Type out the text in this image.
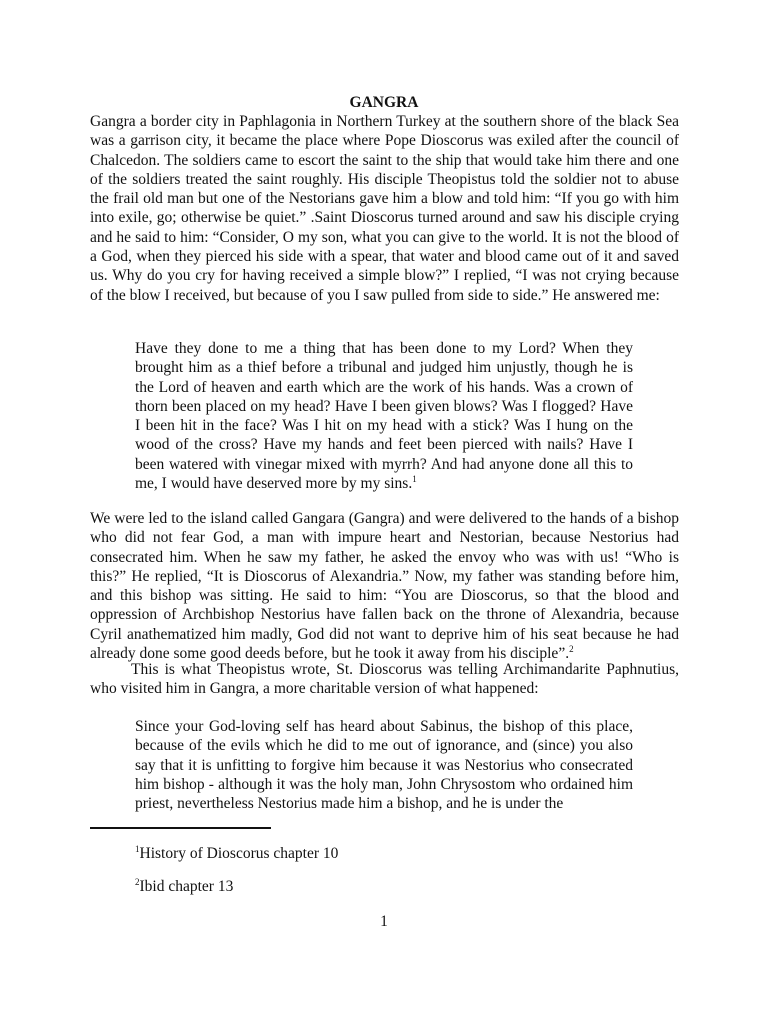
GANGRA

Gangra a border city in Paphlagonia in Northern Turkey at the southern shore of the black Sea was a garrison city, it became the place where Pope Dioscorus was exiled after the council of Chalcedon. The soldiers came to escort the saint to the ship that would take him there and one of the soldiers treated the saint roughly. His disciple Theopistus told the soldier not to abuse the frail old man but one of the Nestorians gave him a blow and told him: “If you go with him into exile, go; otherwise be quiet.” .Saint Dioscorus turned around and saw his disciple crying and he said to him: “Consider, O my son, what you can give to the world. It is not the blood of a God, when they pierced his side with a spear, that water and blood came out of it and saved us. Why do you cry for having received a simple blow?” I replied, “I was not crying because of the blow I received, but because of you I saw pulled from side to side.” He answered me:

Have they done to me a thing that has been done to my Lord? When they brought him as a thief before a tribunal and judged him unjustly, though he is the Lord of heaven and earth which are the work of his hands. Was a crown of thorn been placed on my head? Have I been given blows? Was I flogged? Have I been hit in the face? Was I hit on my head with a stick? Was I hung on the wood of the cross? Have my hands and feet been pierced with nails? Have I been watered with vinegar mixed with myrrh? And had anyone done all this to me, I would have deserved more by my sins.$^1$

We were led to the island called Gangara (Gangra) and were delivered to the hands of a bishop who did not fear God, a man with impure heart and Nestorian, because Nestorius had consecrated him. When he saw my father, he asked the envoy who was with us! “Who is this?” He replied, “It is Dioscorus of Alexandria.” Now, my father was standing before him, and this bishop was sitting. He said to him: “You are Dioscorus, so that the blood and oppression of Archbishop Nestorius have fallen back on the throne of Alexandria, because Cyril anathematized him madly, God did not want to deprive him of his seat because he had already done some good deeds before, but he took it away from his disciple”.$^2$

This is what Theopistus wrote, St. Dioscorus was telling Archimandarite Paphnutius, who visited him in Gangra, a more charitable version of what happened:

Since your God-loving self has heard about Sabinus, the bishop of this place, because of the evils which he did to me out of ignorance, and (since) you also say that it is unfitting to forgive him because it was Nestorius who consecrated him bishop - although it was the holy man, John Chrysostom who ordained him priest, nevertheless Nestorius made him a bishop, and he is under the

$^1$History of Dioscorus chapter 10

$^2$Ibid chapter 13

1
